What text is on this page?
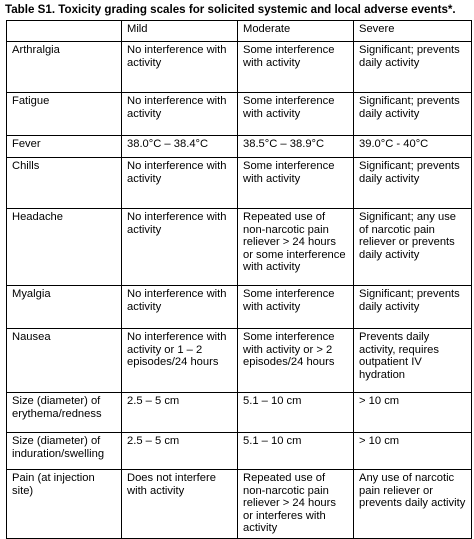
Table S1. Toxicity grading scales for solicited systemic and local adverse events*.
	Mild	Moderate	Severe
Arthralgia	No interference with activity	Some interference with activity	Significant; prevents daily activity
Fatigue	No interference with activity	Some interference with activity	Significant; prevents daily activity
Fever	38.0°C – 38.4°C	38.5°C – 38.9°C	39.0°C - 40°C
Chills	No interference with activity	Some interference with activity	Significant; prevents daily activity
Headache	No interference with activity	Repeated use of non-narcotic pain reliever > 24 hours or some interference with activity	Significant; any use of narcotic pain reliever or prevents daily activity
Myalgia	No interference with activity	Some interference with activity	Significant; prevents daily activity
Nausea	No interference with activity or 1 – 2 episodes/24 hours	Some interference with activity or > 2 episodes/24 hours	Prevents daily activity, requires outpatient IV hydration
Size (diameter) of erythema/redness	2.5 – 5 cm	5.1 – 10 cm	> 10 cm
Size (diameter) of induration/swelling	2.5 – 5 cm	5.1 – 10 cm	> 10 cm
Pain (at injection site)	Does not interfere with activity	Repeated use of non-narcotic pain reliever > 24 hours or interferes with activity	Any use of narcotic pain reliever or prevents daily activity
